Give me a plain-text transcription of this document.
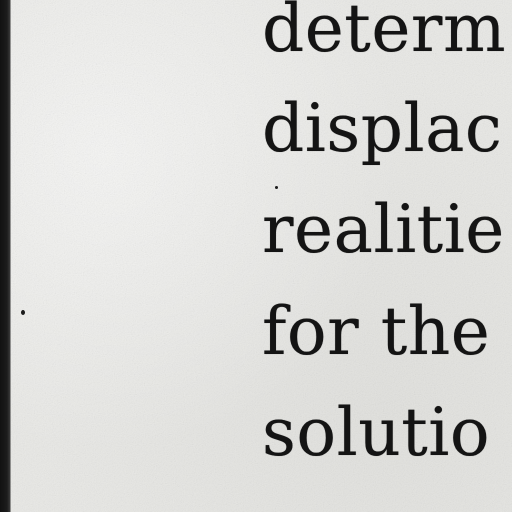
determ
displac
realitie
for the
solutio
